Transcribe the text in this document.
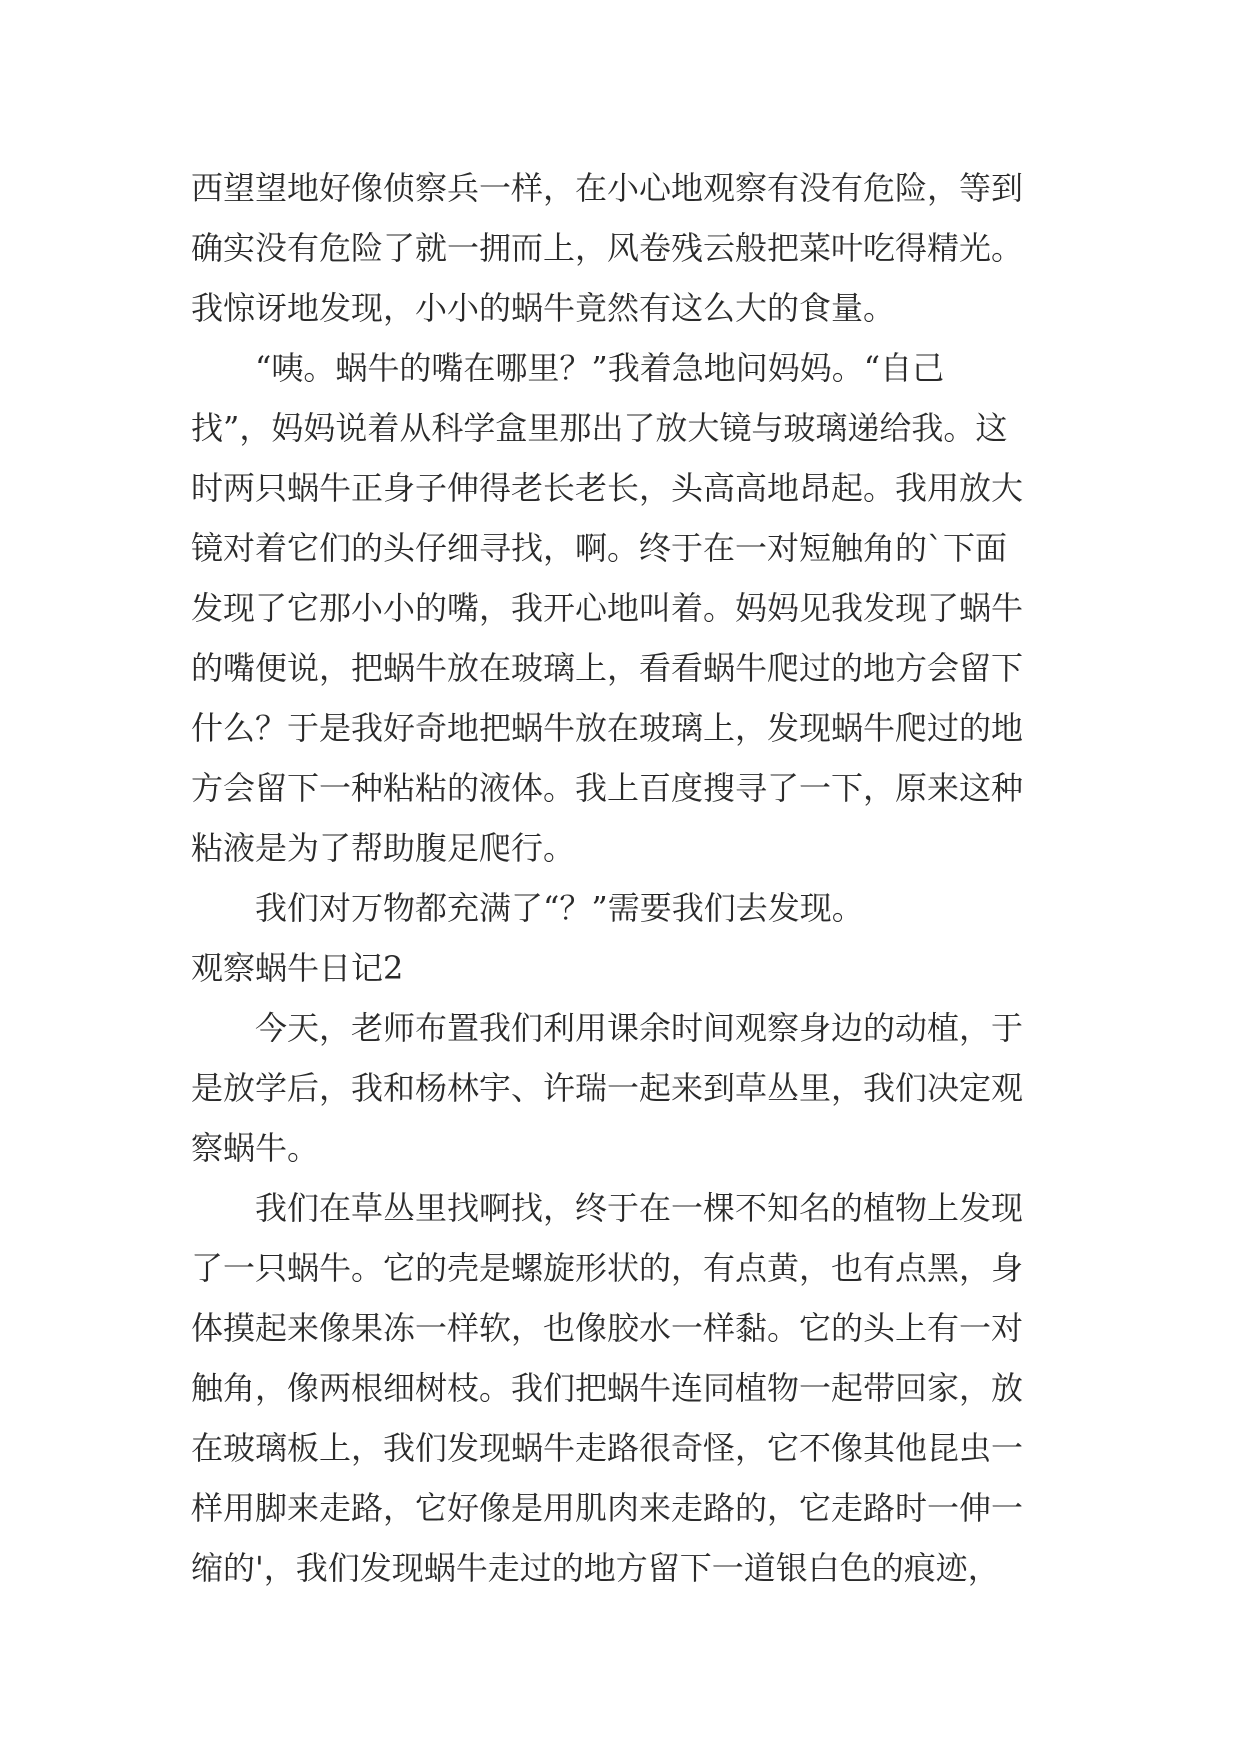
西望望地好像侦察兵一样，在小心地观察有没有危险，等到
确实没有危险了就一拥而上，风卷残云般把菜叶吃得精光。
我惊讶地发现，小小的蜗牛竟然有这么大的食量。
“咦。蜗牛的嘴在哪里？”我着急地问妈妈。“自己
找”，妈妈说着从科学盒里那出了放大镜与玻璃递给我。这
时两只蜗牛正身子伸得老长老长，头高高地昂起。我用放大
镜对着它们的头仔细寻找，啊。终于在一对短触角的`下面
发现了它那小小的嘴，我开心地叫着。妈妈见我发现了蜗牛
的嘴便说，把蜗牛放在玻璃上，看看蜗牛爬过的地方会留下
什么？于是我好奇地把蜗牛放在玻璃上，发现蜗牛爬过的地
方会留下一种粘粘的液体。我上百度搜寻了一下，原来这种
粘液是为了帮助腹足爬行。
我们对万物都充满了“？”需要我们去发现。
观察蜗牛日记2
今天，老师布置我们利用课余时间观察身边的动植，于
是放学后，我和杨林宇、许瑞一起来到草丛里，我们决定观
察蜗牛。
我们在草丛里找啊找，终于在一棵不知名的植物上发现
了一只蜗牛。它的壳是螺旋形状的，有点黄，也有点黑，身
体摸起来像果冻一样软，也像胶水一样黏。它的头上有一对
触角，像两根细树枝。我们把蜗牛连同植物一起带回家，放
在玻璃板上，我们发现蜗牛走路很奇怪，它不像其他昆虫一
样用脚来走路，它好像是用肌肉来走路的，它走路时一伸一
缩的'，我们发现蜗牛走过的地方留下一道银白色的痕迹，
